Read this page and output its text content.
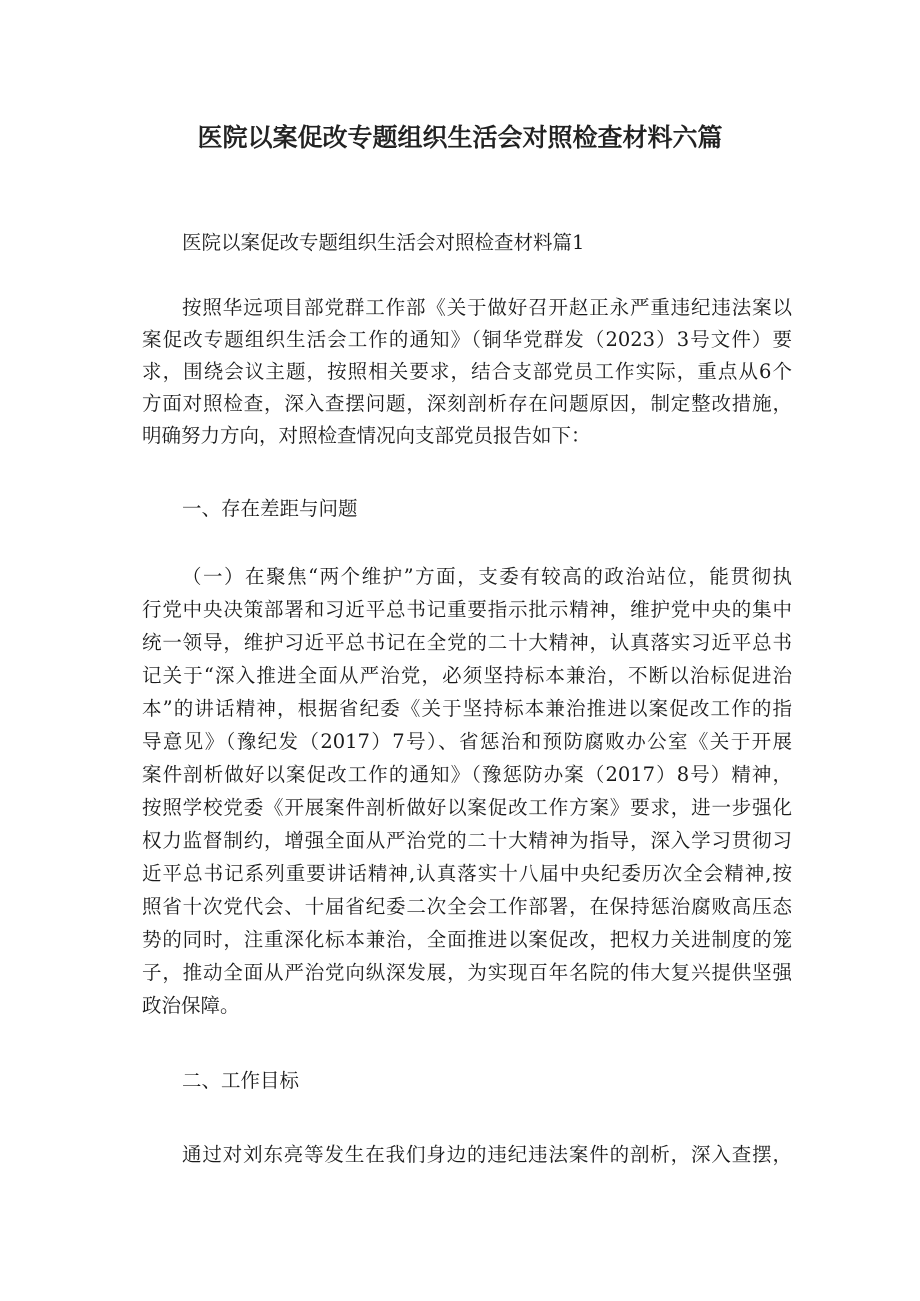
医院以案促改专题组织生活会对照检查材料六篇
医院以案促改专题组织生活会对照检查材料篇1
按照华远项目部党群工作部《关于做好召开赵正永严重违纪违法案以
案促改专题组织生活会工作的通知》（铜华党群发（2023）3号文件）要
求，围绕会议主题，按照相关要求，结合支部党员工作实际，重点从6个
方面对照检查，深入查摆问题，深刻剖析存在问题原因，制定整改措施，
明确努力方向，对照检查情况向支部党员报告如下：
一、存在差距与问题
（一）在聚焦“两个维护”方面，支委有较高的政治站位，能贯彻执
行党中央决策部署和习近平总书记重要指示批示精神，维护党中央的集中
统一领导，维护习近平总书记在全党的二十大精神，认真落实习近平总书
记关于“深入推进全面从严治党，必须坚持标本兼治，不断以治标促进治
本”的讲话精神，根据省纪委《关于坚持标本兼治推进以案促改工作的指
导意见》（豫纪发（2017）7号）、省惩治和预防腐败办公室《关于开展
案件剖析做好以案促改工作的通知》（豫惩防办案（2017）8号）精神，
按照学校党委《开展案件剖析做好以案促改工作方案》要求，进一步强化
权力监督制约，增强全面从严治党的二十大精神为指导，深入学习贯彻习
近平总书记系列重要讲话精神,认真落实十八届中央纪委历次全会精神,按
照省十次党代会、十届省纪委二次全会工作部署，在保持惩治腐败高压态
势的同时，注重深化标本兼治，全面推进以案促改，把权力关进制度的笼
子，推动全面从严治党向纵深发展，为实现百年名院的伟大复兴提供坚强
政治保障。
二、工作目标
通过对刘东亮等发生在我们身边的违纪违法案件的剖析，深入查摆，
